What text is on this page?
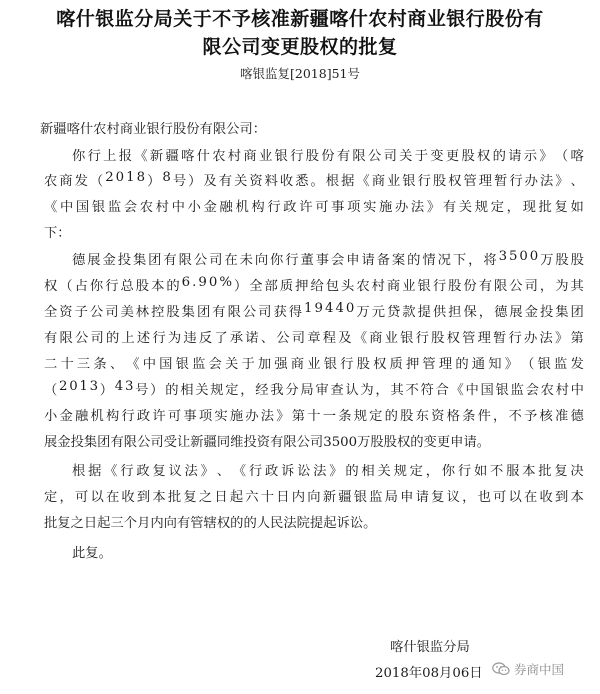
喀什银监分局关于不予核准新疆喀什农村商业银行股份有
限公司变更股权的批复
喀银监复[2018]51号
新疆喀什农村商业银行股份有限公司：
你 行 上 报 《 新 疆 喀 什 农 村 商 业 银 行 股 份 有 限 公 司 关 于 变 更 股 权 的 请 示 》 （ 喀
农 商 发 （ 2 0 1 8 ） 8 号 ） 及 有 关 资 料 收 悉 。 根 据 《 商 业 银 行 股 权 管 理 暂 行 办 法 》 、
《 中 国 银 监 会 农 村 中 小 金 融 机 构 行 政 许 可 事 项 实 施 办 法 》 有 关 规 定 ， 现 批 复 如
下：
德 展 金 投 集 团 有 限 公 司 在 未 向 你 行 董 事 会 申 请 备 案 的 情 况 下 ， 将 3 5 0 0 万 股 股
权 （ 占 你 行 总 股 本 的 6 . 9 0 % ） 全 部 质 押 给 包 头 农 村 商 业 银 行 股 份 有 限 公 司 ， 为 其
全 资 子 公 司 美 林 控 股 集 团 有 限 公 司 获 得 1 9 4 4 0 万 元 贷 款 提 供 担 保 ， 德 展 金 投 集 团
有 限 公 司 的 上 述 行 为 违 反 了 承 诺 、 公 司 章 程 及 《 商 业 银 行 股 权 管 理 暂 行 办 法 》 第
二 十 三 条 、 《 中 国 银 监 会 关 于 加 强 商 业 银 行 股 权 质 押 管 理 的 通 知 》 （ 银 监 发
（ 2 0 1 3 ） 4 3 号 ） 的 相 关 规 定 ， 经 我 分 局 审 查 认 为 ， 其 不 符 合 《 中 国 银 监 会 农 村 中
小 金 融 机 构 行 政 许 可 事 项 实 施 办 法 》 第 十 一 条 规 定 的 股 东 资 格 条 件 ， 不 予 核 准 德
展金投集团有限公司受让新疆同维投资有限公司3500万股股权的变更申请。
根 据 《 行 政 复 议 法 》 、 《 行 政 诉 讼 法 》 的 相 关 规 定 ， 你 行 如 不 服 本 批 复 决
定 ， 可 以 在 收 到 本 批 复 之 日 起 六 十 日 内 向 新 疆 银 监 局 申 请 复 议 ， 也 可 以 在 收 到 本
批复之日起三个月内向有管辖权的的人民法院提起诉讼。
此复。
喀什银监分局
2018年08月06日	券商中国
